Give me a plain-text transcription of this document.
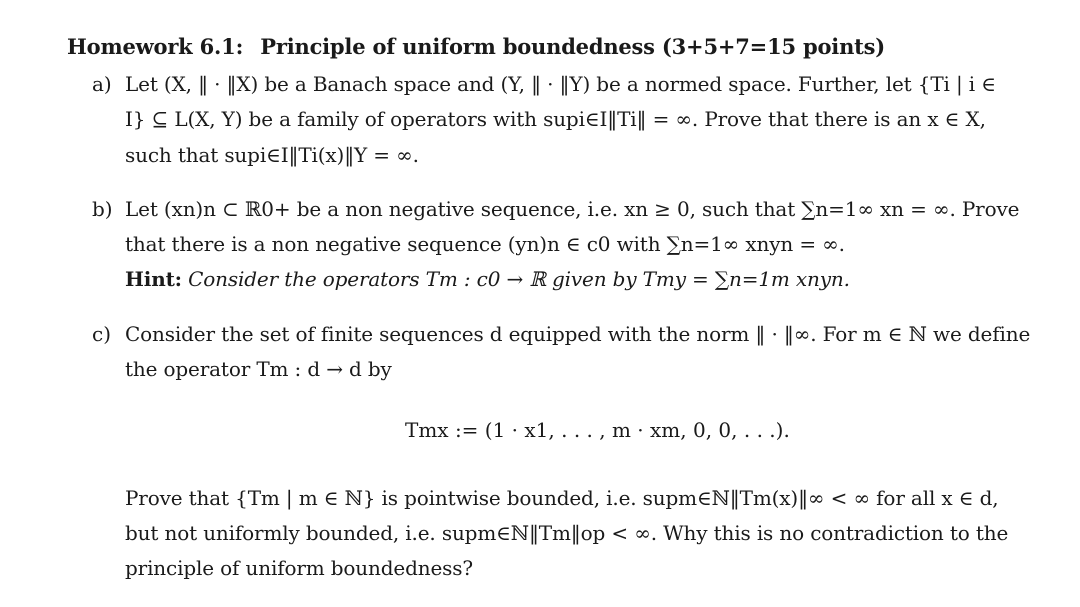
Homework 6.1: Principle of uniform boundedness (3+5+7=15 points)
a) Let (X, ‖ · ‖X) be a Banach space and (Y, ‖ · ‖Y) be a normed space. Further, let {Ti | i ∈
I} ⊆ L(X, Y) be a family of operators with supi∈I‖Ti‖ = ∞. Prove that there is an x ∈ X,
such that supi∈I‖Ti(x)‖Y = ∞.
b) Let (xn)n ⊂ ℝ0+ be a non negative sequence, i.e. xn ≥ 0, such that ∑n=1∞ xn = ∞. Prove
that there is a non negative sequence (yn)n ∈ c0 with ∑n=1∞ xnyn = ∞.
Hint: Consider the operators Tm : c0 → ℝ given by Tmy = ∑n=1m xnyn.
c) Consider the set of finite sequences d equipped with the norm ‖ · ‖∞. For m ∈ ℕ we define
the operator Tm : d → d by
Tmx := (1 · x1, . . . , m · xm, 0, 0, . . .).
Prove that {Tm | m ∈ ℕ} is pointwise bounded, i.e. supm∈ℕ‖Tm(x)‖∞ < ∞ for all x ∈ d,
but not uniformly bounded, i.e. supm∈ℕ‖Tm‖op < ∞. Why this is no contradiction to the
principle of uniform boundedness?
